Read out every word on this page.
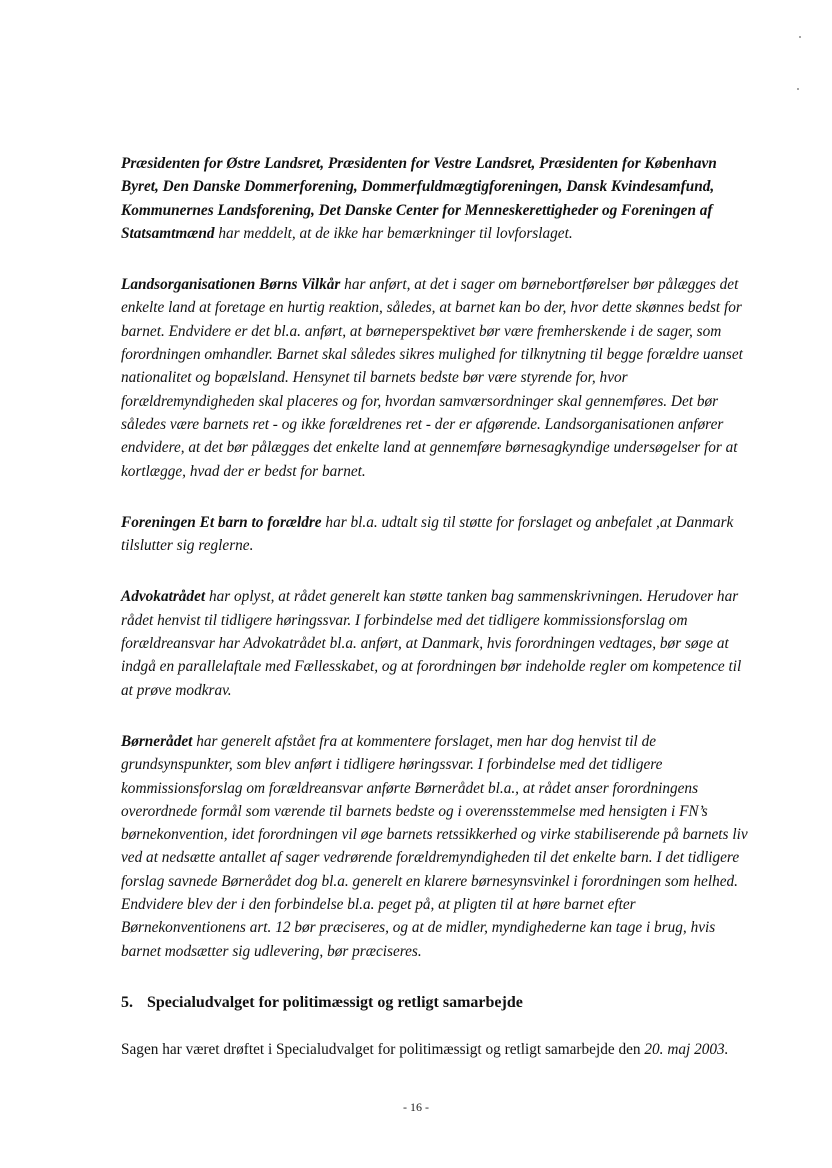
Præsidenten for Østre Landsret, Præsidenten for Vestre Landsret, Præsidenten for København Byret, Den Danske Dommerforening, Dommerfuldmægtigforeningen, Dansk Kvindesamfund, Kommunernes Landsforening, Det Danske Center for Menneskerettigheder og Foreningen af Statsamtmænd har meddelt, at de ikke har bemærkninger til lovforslaget.

Landsorganisationen Børns Vilkår har anført, at det i sager om børnebortførelser bør pålægges det enkelte land at foretage en hurtig reaktion, således, at barnet kan bo der, hvor dette skønnes bedst for barnet. Endvidere er det bl.a. anført, at børneperspektivet bør være fremherskende i de sager, som forordningen omhandler. Barnet skal således sikres mulighed for tilknytning til begge forældre uanset nationalitet og bopælsland. Hensynet til barnets bedste bør være styrende for, hvor forældremyndigheden skal placeres og for, hvordan samværsordninger skal gennemføres. Det bør således være barnets ret - og ikke forældrenes ret - der er afgørende. Landsorganisationen anfører endvidere, at det bør pålægges det enkelte land at gennemføre børnesagkyndige undersøgelser for at kortlægge, hvad der er bedst for barnet.

Foreningen Et barn to forældre har bl.a. udtalt sig til støtte for forslaget og anbefalet ,at Danmark tilslutter sig reglerne.

Advokatrådet har oplyst, at rådet generelt kan støtte tanken bag sammenskrivningen. Herudover har rådet henvist til tidligere høringssvar. I forbindelse med det tidligere kommissionsforslag om forældreansvar har Advokatrådet bl.a. anført, at Danmark, hvis forordningen vedtages, bør søge at indgå en parallelaftale med Fællesskabet, og at forordningen bør indeholde regler om kompetence til at prøve modkrav.

Børnerådet har generelt afstået fra at kommentere forslaget, men har dog henvist til de grundsynspunkter, som blev anført i tidligere høringssvar. I forbindelse med det tidligere kommissionsforslag om forældreansvar anførte Børnerådet bl.a., at rådet anser forordningens overordnede formål som værende til barnets bedste og i overensstemmelse med hensigten i FN’s børnekonvention, idet forordningen vil øge barnets retssikkerhed og virke stabiliserende på barnets liv ved at nedsætte antallet af sager vedrørende forældremyndigheden til det enkelte barn. I det tidligere forslag savnede Børnerådet dog bl.a. generelt en klarere børnesynsvinkel i forordningen som helhed. Endvidere blev der i den forbindelse bl.a. peget på, at pligten til at høre barnet efter Børnekonventionens art. 12 bør præciseres, og at de midler, myndighederne kan tage i brug, hvis barnet modsætter sig udlevering, bør præciseres.

5. Specialudvalget for politimæssigt og retligt samarbejde

Sagen har været drøftet i Specialudvalget for politimæssigt og retligt samarbejde den 20. maj 2003.

- 16 -
